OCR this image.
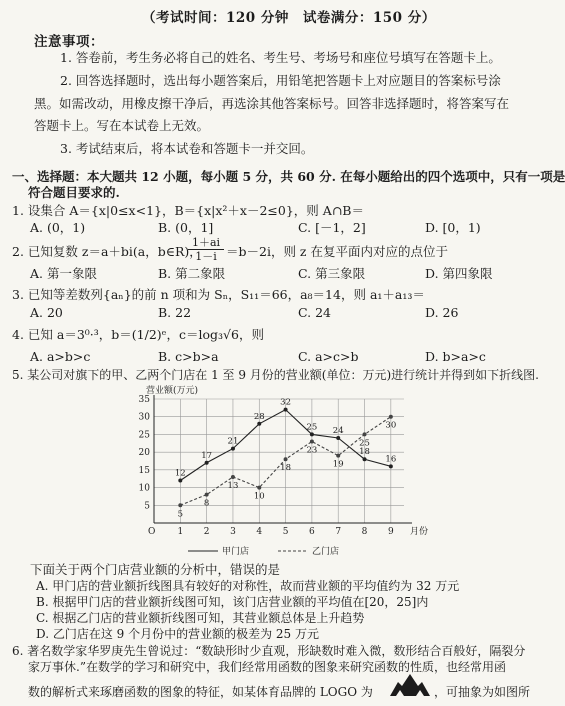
（考试时间：120 分钟　试卷满分：150 分）
注意事项：
1. 答卷前，考生务必将自己的姓名、考生号、考场号和座位号填写在答题卡上。
2. 回答选择题时，选出每小题答案后，用铅笔把答题卡上对应题目的答案标号涂
黑。如需改动，用橡皮擦干净后，再选涂其他答案标号。回答非选择题时，将答案写在
答题卡上。写在本试卷上无效。
3. 考试结束后，将本试卷和答题卡一并交回。
一、选择题：本大题共 12 小题，每小题 5 分，共 60 分. 在每小题给出的四个选项中，只有一项是
符合题目要求的.
1. 设集合 A＝{x|0≤x<1}，B＝{x|x²＋x－2≤0}，则 A∩B＝
A. (0，1)	B. (0，1]	C. [－1，2]	D. [0，1)
2. 已知复数 z＝a＋bi(a，b∈R)，
$\frac{1+ai}{1-i} =b-2i$，则 z 在复平面内对应的点位于
A. 第一象限	B. 第二象限	C. 第三象限	D. 第四象限
3. 已知等差数列{aₙ}的前 n 项和为 Sₙ，S₁₁＝66，a₈＝14，则 a₁＋a₁₃＝
A. 20	B. 22	C. 24	D. 26
4. 已知 a＝3⁰·³，b＝(1/2)ᵉ，c＝log₃√6，则
A. a>b>c	B. c>b>a	C. a>c>b	D. b>a>c
5. 某公司对旗下的甲、乙两个门店在 1 至 9 月份的营业额(单位：万元)进行统计并得到如下折线图.
营业额(万元)
5
10
15
20
25
30
35
1 2 3 4 5 6 7 8 9
O	月份
12
17
21
28
32
25 24
18
16
5
8
13
10
18
23
19
25
30
甲门店	乙门店
下面关于两个门店营业额的分析中，错误的是
A. 甲门店的营业额折线图具有较好的对称性，故而营业额的平均值约为 32 万元
B. 根据甲门店的营业额折线图可知，该门店营业额的平均值在[20，25]内
C. 根据乙门店的营业额折线图可知，其营业额总体是上升趋势
D. 乙门店在这 9 个月份中的营业额的极差为 25 万元
6. 著名数学家华罗庚先生曾说过：“数缺形时少直观，形缺数时难入微，数形结合百般好，隔裂分
家万事休.”在数学的学习和研究中，我们经常用函数的图象来研究函数的性质，也经常用函
数的解析式来琢磨函数的图象的特征，如某体育品牌的 LOGO 为	，可抽象为如图所
